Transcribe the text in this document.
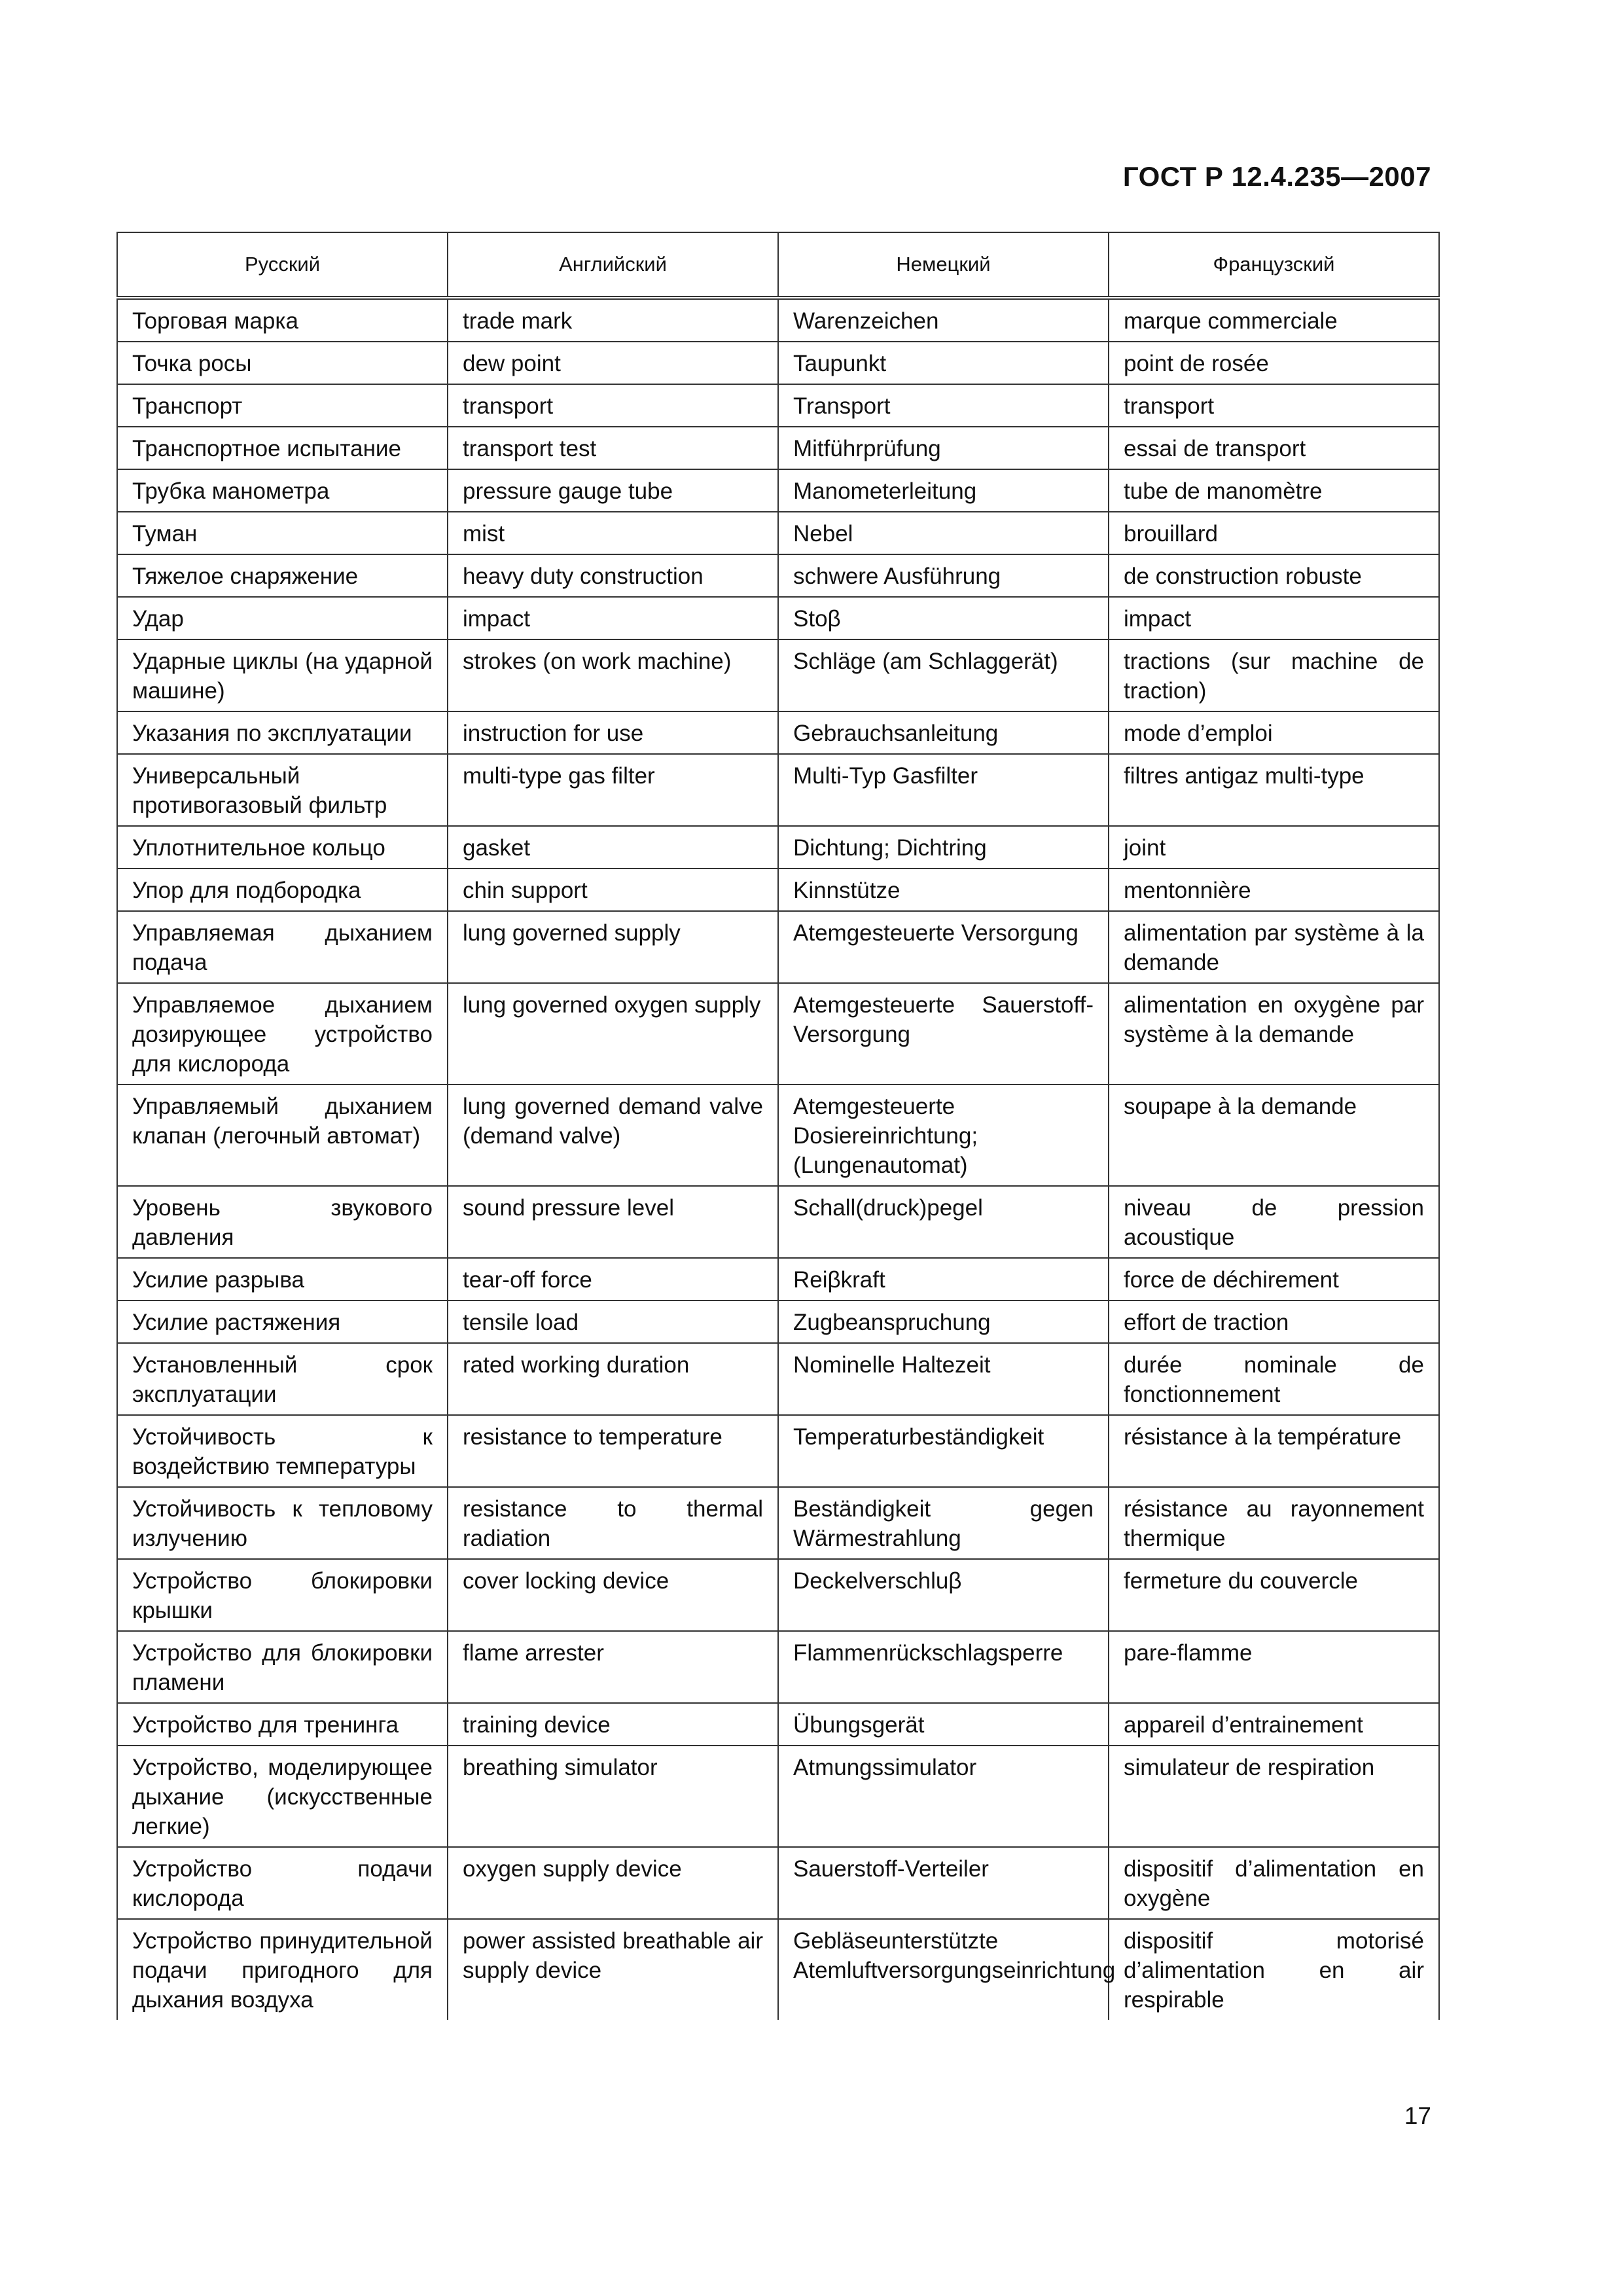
ГОСТ Р 12.4.235—2007
Русский	Английский	Немецкий	Французский
Торговая марка	trade mark	Warenzeichen	marque commerciale
Точка росы	dew point	Taupunkt	point de rosée
Транспорт	transport	Transport	transport
Транспортное испытание	transport test	Mitführprüfung	essai de transport
Трубка манометра	pressure gauge tube	Manometerleitung	tube de manomètre
Туман	mist	Nebel	brouillard
Тяжелое снаряжение	heavy duty construction	schwere Ausführung	de construction robuste
Удар	impact	Stoβ	impact
Ударные циклы (на ударной машине)	strokes (on work machine)	Schläge (am Schlaggerät)	tractions (sur machine de traction)
Указания по эксплуатации	instruction for use	Gebrauchsanleitung	mode d’emploi
Универсальный противогазовый фильтр	multi-type gas filter	Multi-Typ Gasfilter	filtres antigaz multi-type
Уплотнительное кольцо	gasket	Dichtung; Dichtring	joint
Упор для подбородка	chin support	Kinnstütze	mentonnière
Управляемая дыханием подача	lung governed supply	Atemgesteuerte Versorgung	alimentation par système à la demande
Управляемое дыханием дозирующее устройство для кислорода	lung governed oxygen supply	Atemgesteuerte Sauerstoff-Versorgung	alimentation en oxygène par système à la demande
Управляемый дыханием клапан (легочный автомат)	lung governed demand valve (demand valve)	Atemgesteuerte Dosiereinrichtung; (Lungenautomat)	soupape à la demande
Уровень звукового давления	sound pressure level	Schall(druck)pegel	niveau de pression acoustique
Усилие разрыва	tear-off force	Reiβkraft	force de déchirement
Усилие растяжения	tensile load	Zugbeanspruchung	effort de traction
Установленный срок эксплуатации	rated working duration	Nominelle Haltezeit	durée nominale de fonctionnement
Устойчивость к воздействию температуры	resistance to temperature	Temperaturbeständigkeit	résistance à la température
Устойчивость к тепловому излучению	resistance to thermal radiation	Beständigkeit gegen Wärmestrahlung	résistance au rayonnement thermique
Устройство блокировки крышки	cover locking device	Deckelverschluβ	fermeture du couvercle
Устройство для блокировки пламени	flame arrester	Flammenrückschlagsperre	pare-flamme
Устройство для тренинга	training device	Übungsgerät	appareil d’entrainement
Устройство, моделирующее дыхание (искусственные легкие)	breathing simulator	Atmungssimulator	simulateur de respiration
Устройство подачи кислорода	oxygen supply device	Sauerstoff-Verteiler	dispositif d’alimentation en oxygène
Устройство принудительной подачи пригодного для дыхания воздуха	power assisted breathable air supply device	Gebläseunterstützte Atemluftversorgungseinrichtung	dispositif motorisé d’alimentation en air respirable
17
